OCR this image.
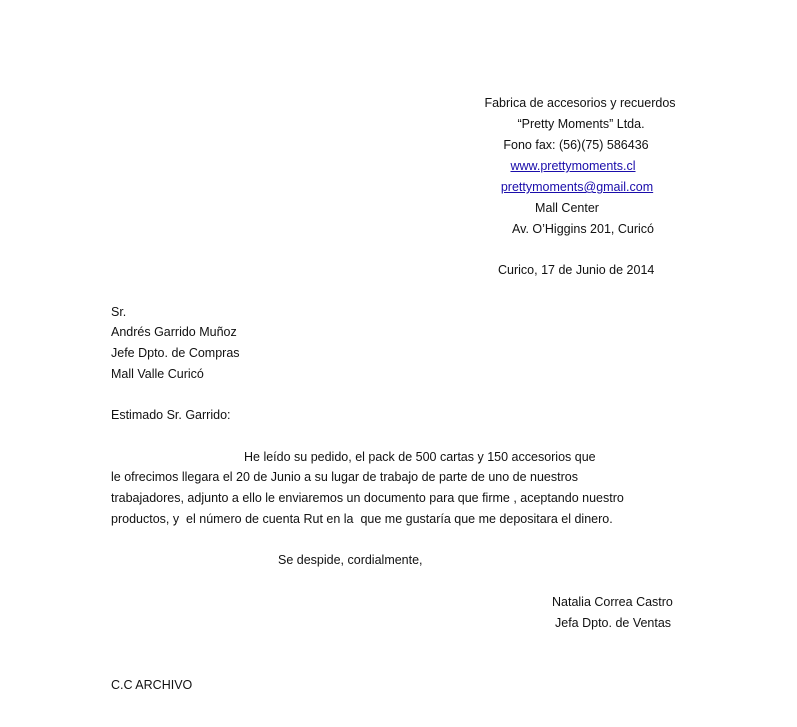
Fabrica de accesorios y recuerdos
“Pretty Moments” Ltda.
Fono fax: (56)(75) 586436
www.prettymoments.cl
prettymoments@gmail.com
Mall Center
Av. O’Higgins 201, Curicó
Curico, 17 de Junio de 2014
Sr.
Andrés Garrido Muñoz
Jefe Dpto. de Compras
Mall Valle Curicó
Estimado Sr. Garrido:
He leído su pedido, el pack de 500 cartas y 150 accesorios que
le ofrecimos llegara el 20 de Junio a su lugar de trabajo de parte de uno de nuestros
trabajadores, adjunto a ello le enviaremos un documento para que firme , aceptando nuestro
productos, y  el número de cuenta Rut en la  que me gustaría que me depositara el dinero.
Se despide, cordialmente,
Natalia Correa Castro
Jefa Dpto. de Ventas
C.C ARCHIVO
